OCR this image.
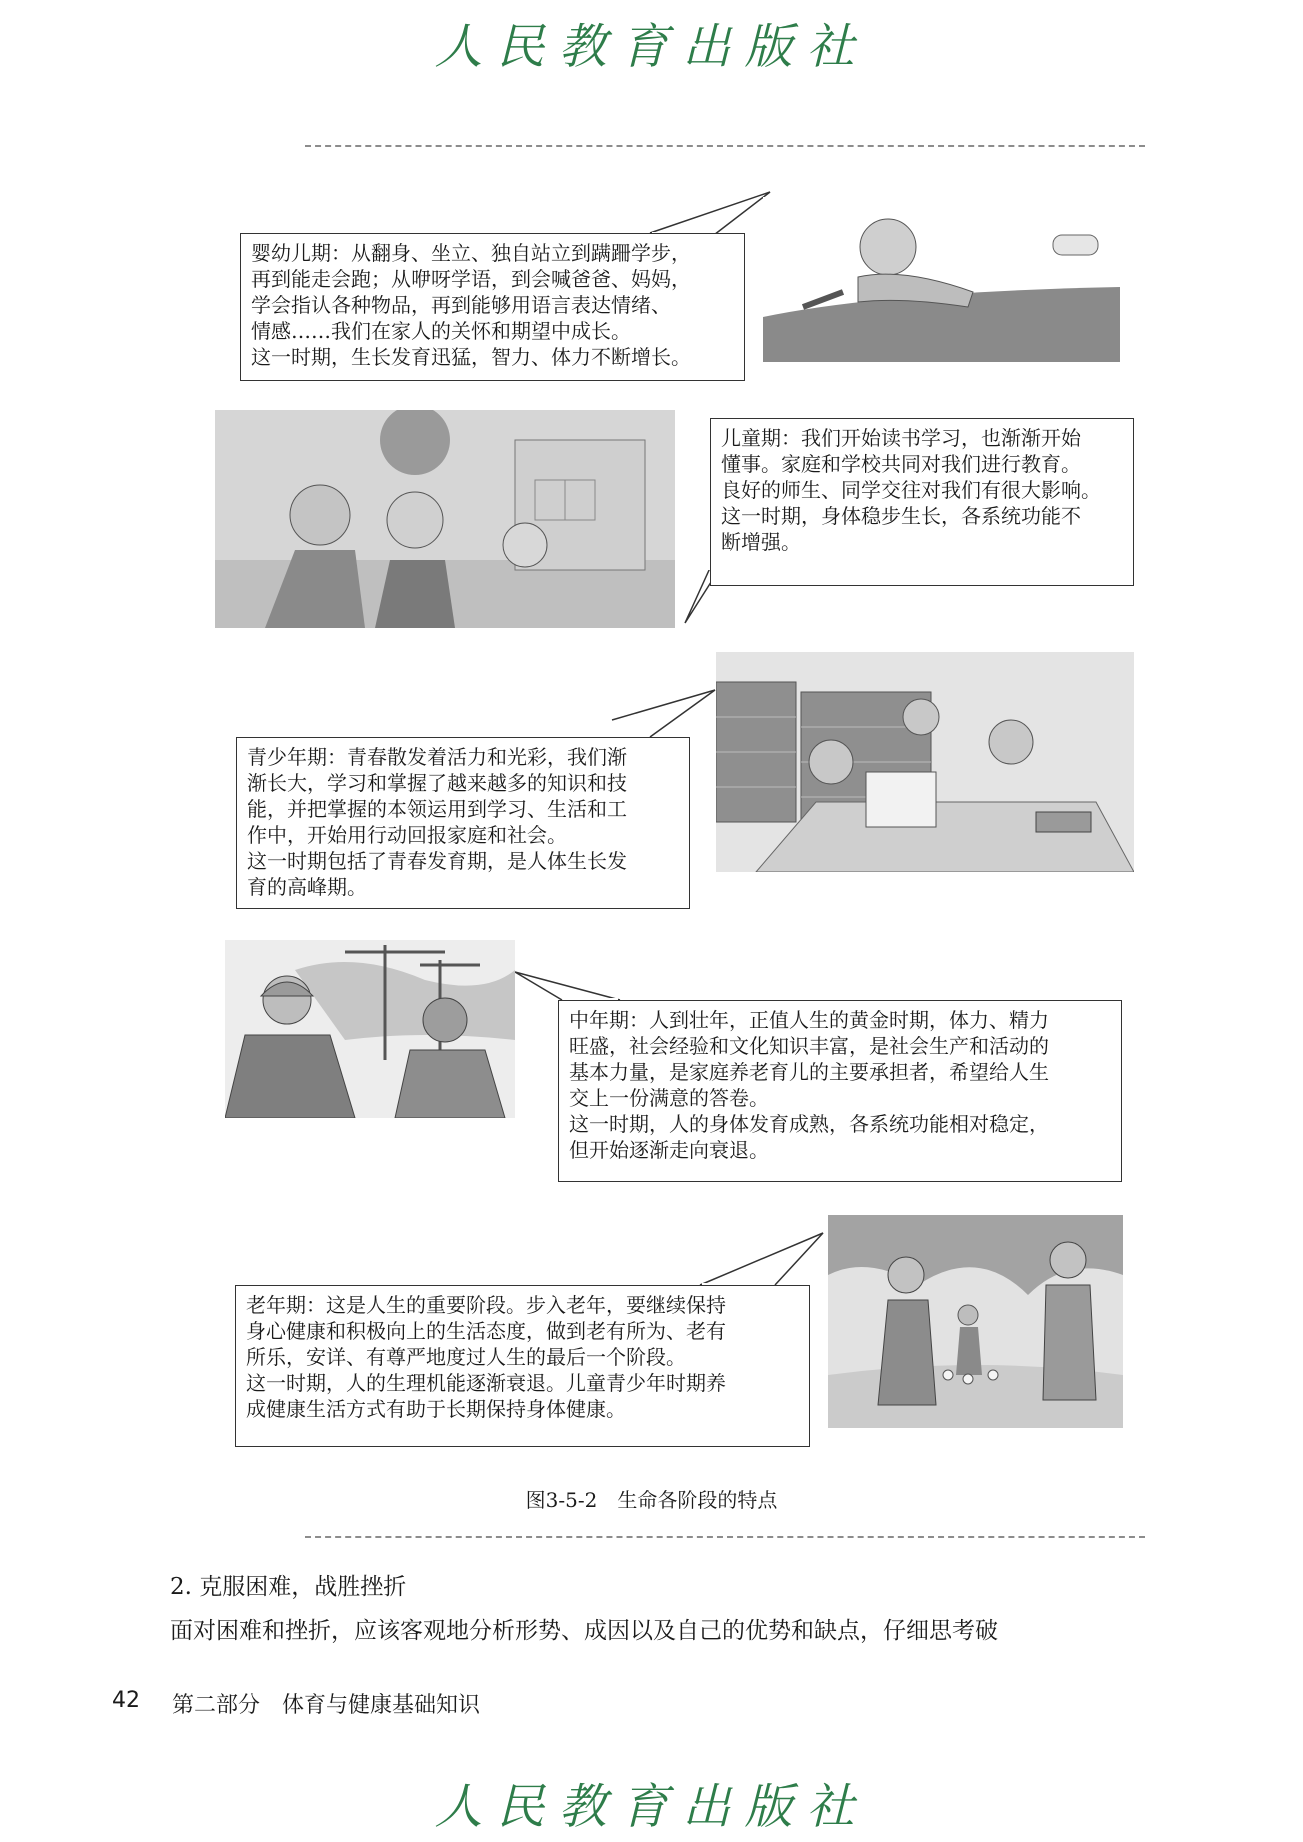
人民教育出版社

婴幼儿期：从翻身、坐立、独自站立到蹒跚学步，

再到能走会跑；从咿呀学语，到会喊爸爸、妈妈，

学会指认各种物品，再到能够用语言表达情绪、

情感……我们在家人的关怀和期望中成长。

这一时期，生长发育迅猛，智力、体力不断增长。

儿童期：我们开始读书学习，也渐渐开始

懂事。家庭和学校共同对我们进行教育。

良好的师生、同学交往对我们有很大影响。

这一时期，身体稳步生长，各系统功能不

断增强。

青少年期：青春散发着活力和光彩，我们渐

渐长大，学习和掌握了越来越多的知识和技

能，并把掌握的本领运用到学习、生活和工

作中，开始用行动回报家庭和社会。

这一时期包括了青春发育期，是人体生长发

育的高峰期。

中年期：人到壮年，正值人生的黄金时期，体力、精力

旺盛，社会经验和文化知识丰富，是社会生产和活动的

基本力量，是家庭养老育儿的主要承担者，希望给人生

交上一份满意的答卷。

这一时期，人的身体发育成熟，各系统功能相对稳定，

但开始逐渐走向衰退。

老年期：这是人生的重要阶段。步入老年，要继续保持

身心健康和积极向上的生活态度，做到老有所为、老有

所乐，安详、有尊严地度过人生的最后一个阶段。

这一时期，人的生理机能逐渐衰退。儿童青少年时期养

成健康生活方式有助于长期保持身体健康。

图3-5-2　生命各阶段的特点
2. 克服困难，战胜挫折
面对困难和挫折，应该客观地分析形势、成因以及自己的优势和缺点，仔细思考破
42 第二部分　体育与健康基础知识
人民教育出版社
